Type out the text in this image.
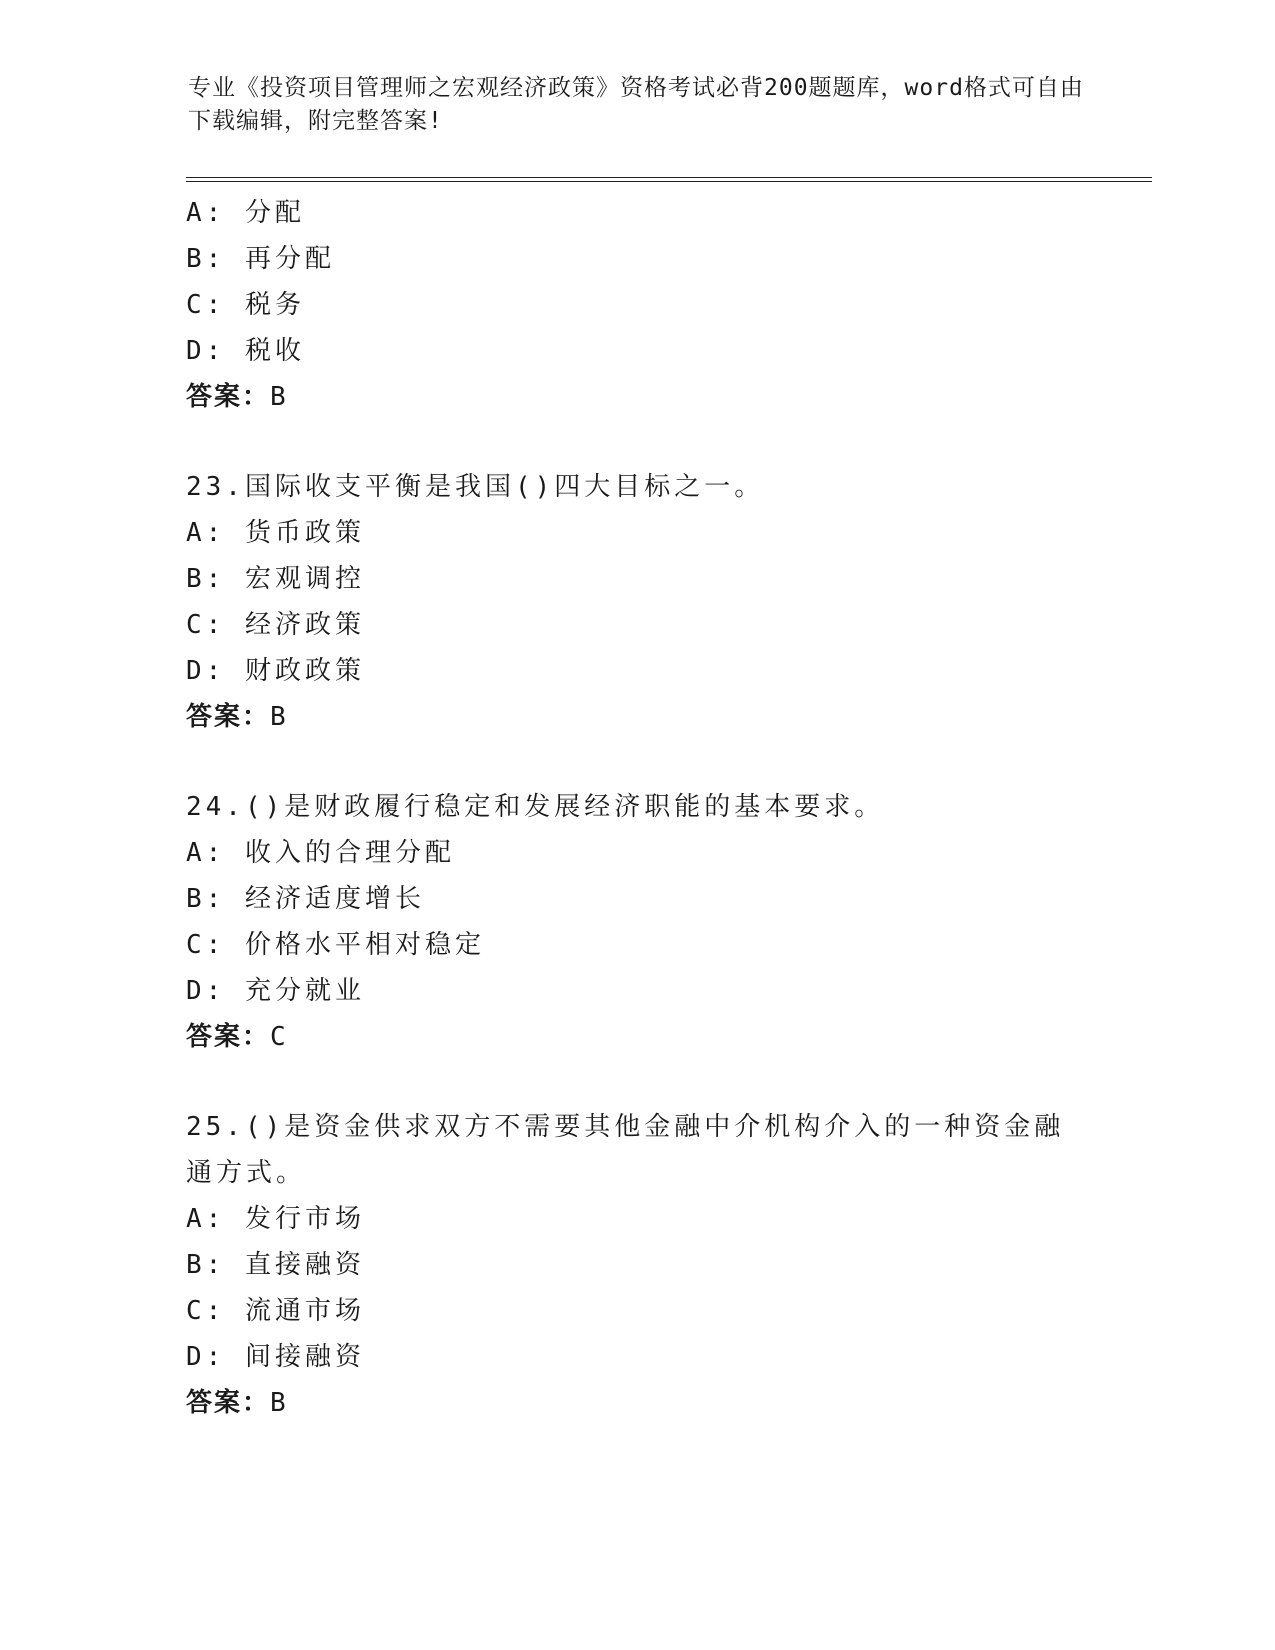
专业《投资项目管理师之宏观经济政策》资格考试必背200题题库，word格式可自由下载编辑，附完整答案!
A: 分配
B: 再分配
C: 税务
D: 税收
答案：B
23.国际收支平衡是我国()四大目标之一。
A: 货币政策
B: 宏观调控
C: 经济政策
D: 财政政策
答案：B
24.()是财政履行稳定和发展经济职能的基本要求。
A: 收入的合理分配
B: 经济适度增长
C: 价格水平相对稳定
D: 充分就业
答案：C
25.()是资金供求双方不需要其他金融中介机构介入的一种资金融通方式。
A: 发行市场
B: 直接融资
C: 流通市场
D: 间接融资
答案：B
